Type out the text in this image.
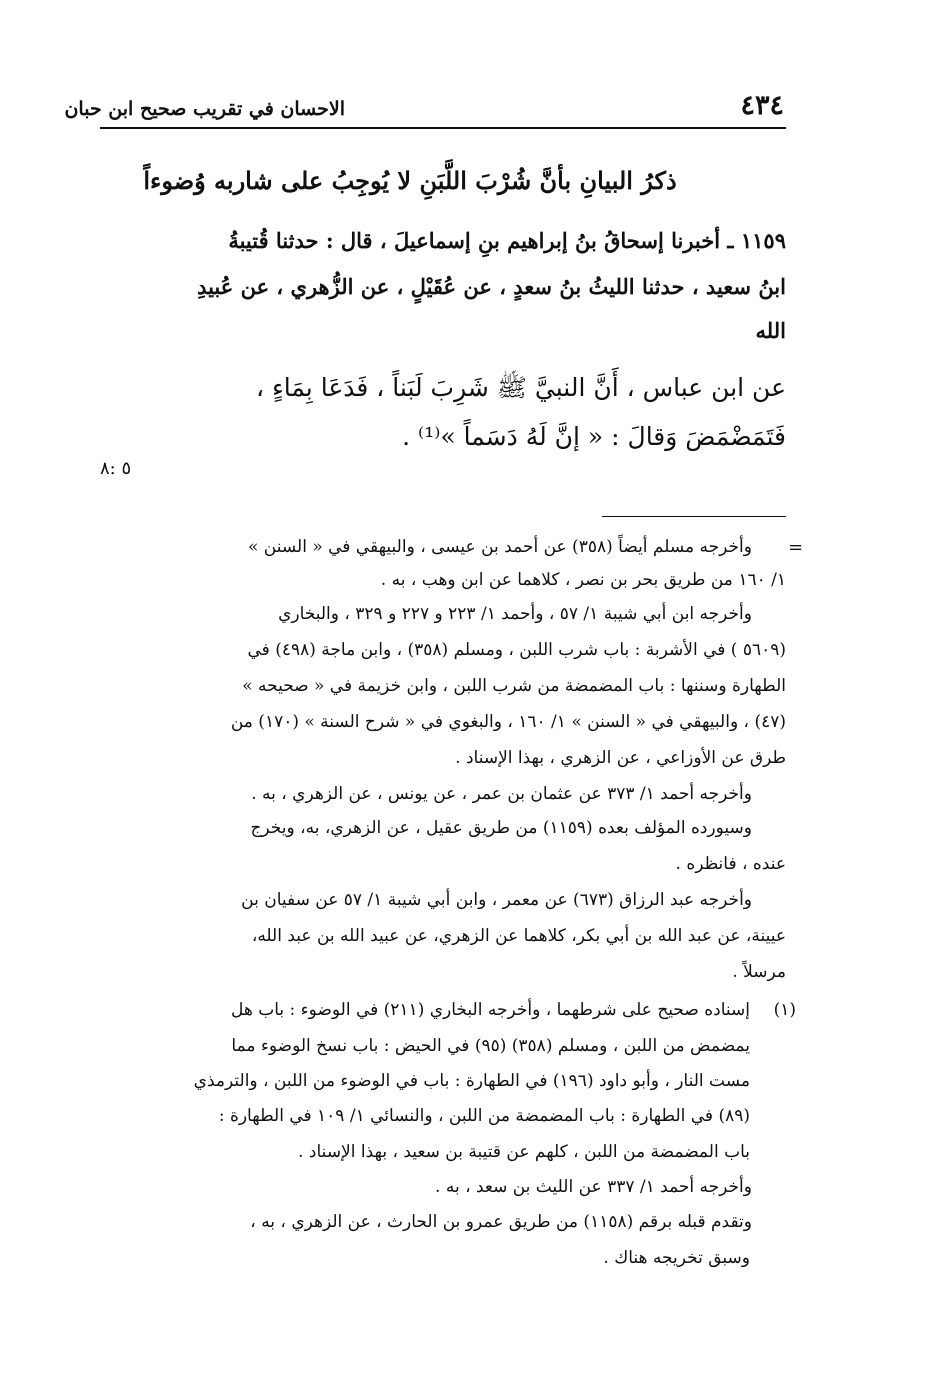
٤٣٤
الاحسان في تقريب صحيح ابن حبان
ذكرُ البيانِ بأنَّ شُرْبَ اللَّبَنِ لا يُوجِبُ على شاربه وُضوءاً
١١٥٩ ـ أخبرنا إسحاقُ بنُ إبراهيم بنِ إسماعيلَ ، قال : حدثنا قُتيبةُ
ابنُ سعيد ، حدثنا الليثُ بنُ سعدٍ ، عن عُقَيْلٍ ، عن الزُّهري ، عن عُبيدِ
الله
عن ابن عباس ، أَنَّ النبيَّ ﷺ شَرِبَ لَبَناً ، فَدَعَا بِمَاءٍ ،
فَتَمَضْمَضَ وَقالَ : « إنَّ لَهُ دَسَماً »⁽¹⁾ .
٥ :٨
=
وأخرجه مسلم أيضاً (٣٥٨) عن أحمد بن عيسى ، والبيهقي في « السنن »
١/ ١٦٠ من طريق بحر بن نصر ، كلاهما عن ابن وهب ، به .
وأخرجه ابن أبي شيبة ١/ ٥٧ ، وأحمد ١/ ٢٢٣ و ٢٢٧ و ٣٢٩ ، والبخاري
(٥٦٠٩ ) في الأشربة : باب شرب اللبن ، ومسلم (٣٥٨) ، وابن ماجة (٤٩٨) في
الطهارة وسننها : باب المضمضة من شرب اللبن ، وابن خزيمة في « صحيحه »
(٤٧) ، والبيهقي في « السنن » ١/ ١٦٠ ، والبغوي في « شرح السنة » (١٧٠) من
طرق عن الأوزاعي ، عن الزهري ، بهذا الإسناد .
وأخرجه أحمد ١/ ٣٧٣ عن عثمان بن عمر ، عن يونس ، عن الزهري ، به .
وسيورده المؤلف بعده (١١٥٩) من طريق عقيل ، عن الزهري، به، ويخرج
عنده ، فانظره .
وأخرجه عبد الرزاق (٦٧٣) عن معمر ، وابن أبي شيبة ١/ ٥٧ عن سفيان بن
عيينة، عن عبد الله بن أبي بكر، كلاهما عن الزهري، عن عبيد الله بن عبد الله،
مرسلاً .
(١)
إسناده صحيح على شرطهما ، وأخرجه البخاري (٢١١) في الوضوء : باب هل
يمضمض من اللبن ، ومسلم (٣٥٨) (٩٥) في الحيض : باب نسخ الوضوء مما
مست النار ، وأبو داود (١٩٦) في الطهارة : باب في الوضوء من اللبن ، والترمذي
(٨٩) في الطهارة : باب المضمضة من اللبن ، والنسائي ١/ ١٠٩ في الطهارة :
باب المضمضة من اللبن ، كلهم عن قتيبة بن سعيد ، بهذا الإسناد .
وأخرجه أحمد ١/ ٣٣٧ عن الليث بن سعد ، به .
وتقدم قبله برقم (١١٥٨) من طريق عمرو بن الحارث ، عن الزهري ، به ،
وسبق تخريجه هناك .
